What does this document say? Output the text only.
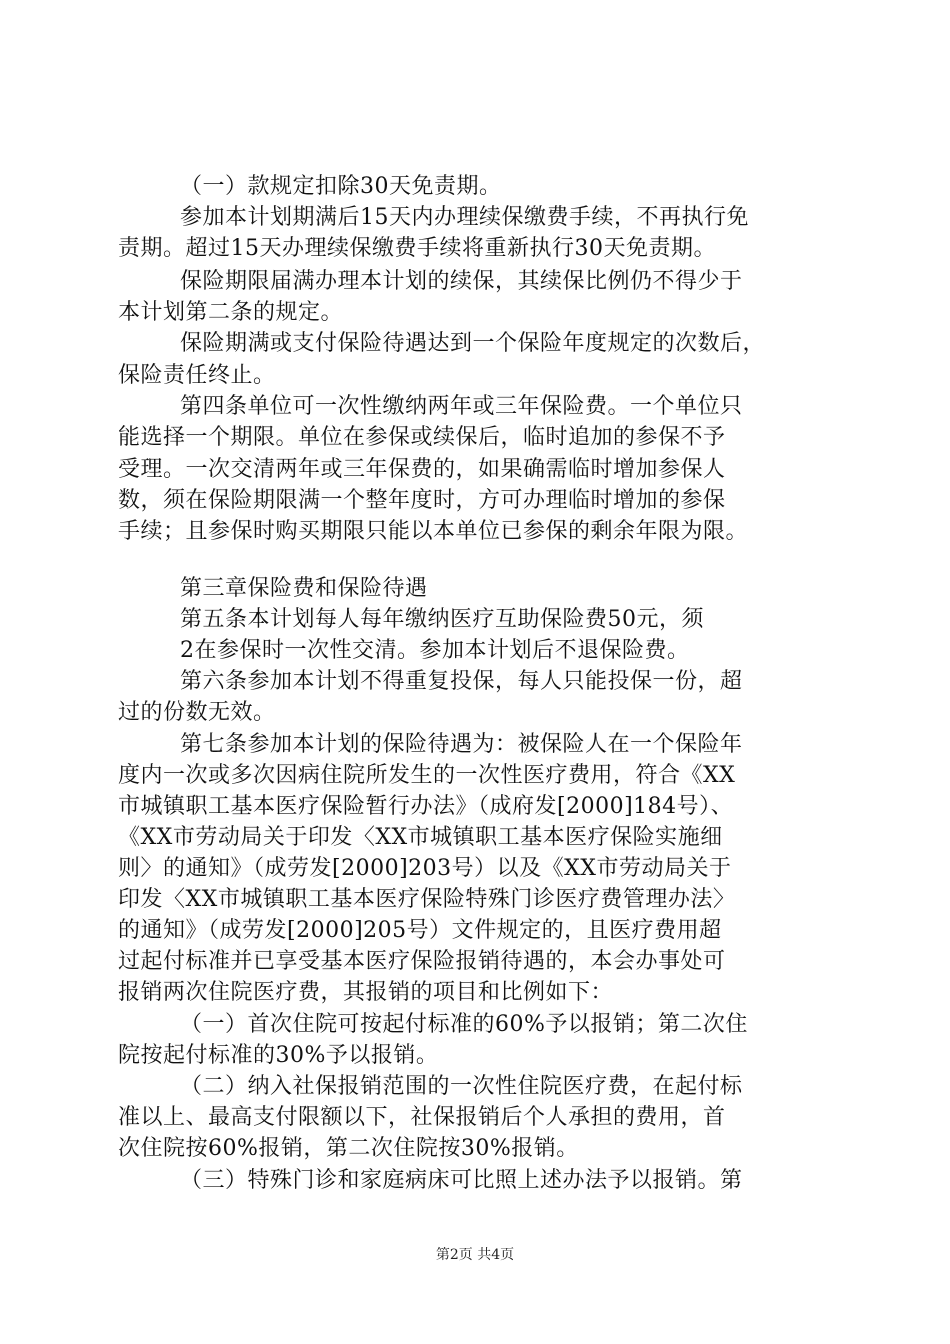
（一）款规定扣除30天免责期。
参加本计划期满后15天内办理续保缴费手续，不再执行免
责期。超过15天办理续保缴费手续将重新执行30天免责期。
保险期限届满办理本计划的续保，其续保比例仍不得少于
本计划第二条的规定。
保险期满或支付保险待遇达到一个保险年度规定的次数后，
保险责任终止。
第四条单位可一次性缴纳两年或三年保险费。一个单位只
能选择一个期限。单位在参保或续保后，临时追加的参保不予
受理。一次交清两年或三年保费的，如果确需临时增加参保人
数，须在保险期限满一个整年度时，方可办理临时增加的参保
手续；且参保时购买期限只能以本单位已参保的剩余年限为限。
第三章保险费和保险待遇
第五条本计划每人每年缴纳医疗互助保险费50元，须
2在参保时一次性交清。参加本计划后不退保险费。
第六条参加本计划不得重复投保，每人只能投保一份，超
过的份数无效。
第七条参加本计划的保险待遇为：被保险人在一个保险年
度内一次或多次因病住院所发生的一次性医疗费用，符合《XX
市城镇职工基本医疗保险暂行办法》（成府发[2000]184号）、
《XX市劳动局关于印发〈XX市城镇职工基本医疗保险实施细
则〉的通知》（成劳发[2000]203号）以及《XX市劳动局关于
印发〈XX市城镇职工基本医疗保险特殊门诊医疗费管理办法〉
的通知》（成劳发[2000]205号）文件规定的，且医疗费用超
过起付标准并已享受基本医疗保险报销待遇的，本会办事处可
报销两次住院医疗费，其报销的项目和比例如下：
（一）首次住院可按起付标准的60%予以报销；第二次住
院按起付标准的30%予以报销。
（二）纳入社保报销范围的一次性住院医疗费，在起付标
准以上、最高支付限额以下，社保报销后个人承担的费用，首
次住院按60%报销，第二次住院按30%报销。
（三）特殊门诊和家庭病床可比照上述办法予以报销。第
第2页 共4页
